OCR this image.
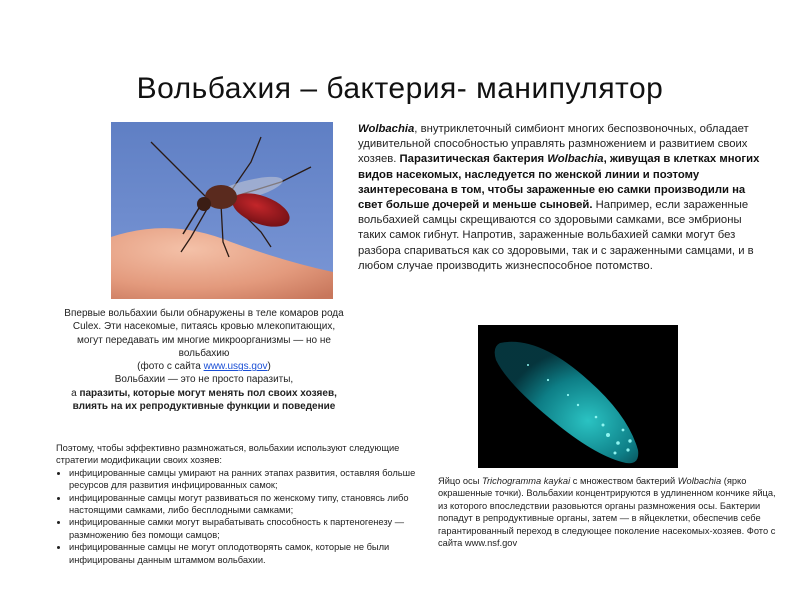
Вольбахия – бактерия- манипулятор
Wolbachia, внутриклеточный симбионт многих беспозвоночных, обладает удивительной способностью управлять размножением и развитием своих хозяев. Паразитическая бактерия Wolbachia, живущая в клетках многих видов насекомых, наследуется по женской линии и поэтому заинтересована в том, чтобы зараженные ею самки производили на свет больше дочерей и меньше сыновей. Например, если зараженные вольбахией самцы скрещиваются со здоровыми самками, все эмбрионы таких самок гибнут. Напротив, зараженные вольбахией самки могут без разбора спариваться как со здоровыми, так и с зараженными самцами, и в любом случае производить жизнеспособное потомство.
Впервые вольбахии были обнаружены в теле комаров рода Culex. Эти насекомые, питаясь кровью млекопитающих, могут передавать им многие микроорганизмы — но не вольбахию
(фото с сайта www.usgs.gov)
Вольбахии — это не просто паразиты,
а паразиты, которые могут менять пол своих хозяев, влиять на их репродуктивные функции и поведение
Поэтому, чтобы эффективно размножаться, вольбахии используют следующие стратегии модификации своих хозяев:
• инфицированные самцы умирают на ранних этапах развития, оставляя больше ресурсов для развития инфицированных самок;
• инфицированные самцы могут развиваться по женскому типу, становясь либо настоящими самками, либо бесплодными самками;
• инфицированные самки могут вырабатывать способность к партеногенезу — размножению без помощи самцов;
• инфицированные самцы не могут оплодотворять самок, которые не были инфицированы данным штаммом вольбахии.
Яйцо осы Trichogramma kaykai с множеством бактерий Wolbachia (ярко окрашенные точки). Вольбахии концентрируются в удлиненном кончике яйца, из которого впоследствии разовьются органы размножения осы. Бактерии попадут в репродуктивные органы, затем — в яйцеклетки, обеспечив себе гарантированный переход в следующее поколение насекомых-хозяев. Фото с сайта www.nsf.gov
